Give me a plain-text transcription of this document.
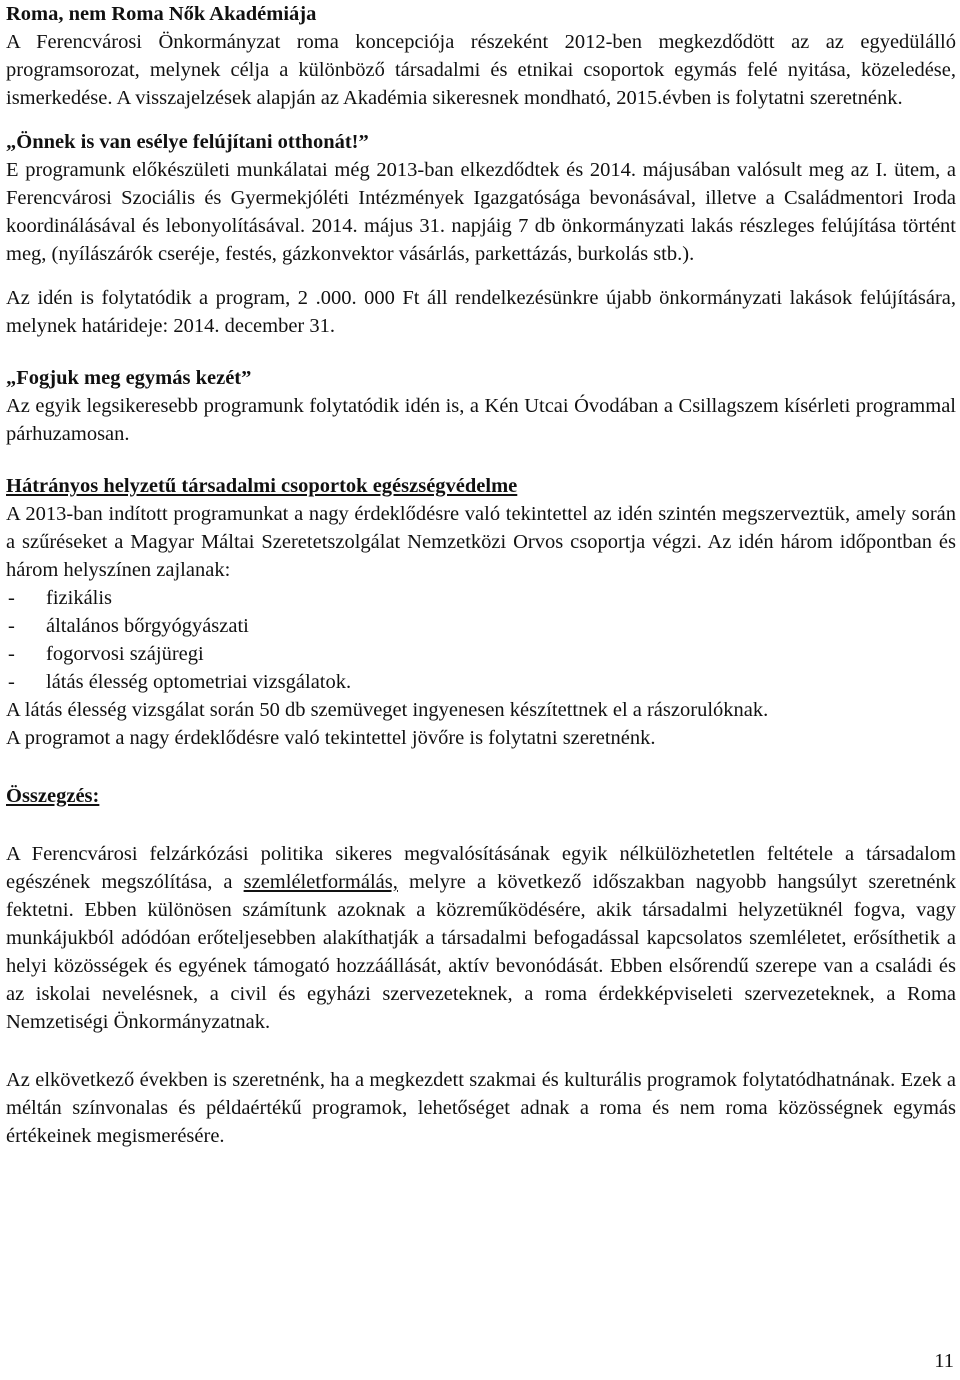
Roma, nem Roma Nők Akadémiája
A Ferencvárosi Önkormányzat roma koncepciója részeként 2012-ben megkezdődött az az egyedülálló programsorozat, melynek célja a különböző társadalmi és etnikai csoportok egymás felé nyitása, közeledése, ismerkedése. A visszajelzések alapján az Akadémia sikeresnek mondható, 2015.évben is folytatni szeretnénk.
„Önnek is van esélye felújítani otthonát!”
E programunk előkészületi munkálatai még 2013-ban elkezdődtek és 2014. májusában valósult meg az I. ütem, a Ferencvárosi Szociális és Gyermekjóléti Intézmények Igazgatósága bevonásával, illetve a Családmentori Iroda koordinálásával és lebonyolításával. 2014. május 31. napjáig 7 db önkormányzati lakás részleges felújítása történt meg, (nyílászárók cseréje, festés, gázkonvektor vásárlás, parkettázás, burkolás stb.).
Az idén is folytatódik a program, 2 .000. 000 Ft áll rendelkezésünkre újabb önkormányzati lakások felújítására, melynek határideje: 2014. december 31.
„Fogjuk meg egymás kezét”
Az egyik legsikeresebb programunk folytatódik idén is, a Kén Utcai Óvodában a Csillagszem kísérleti programmal párhuzamosan.
Hátrányos helyzetű társadalmi csoportok egészségvédelme
A 2013-ban indított programunkat a nagy érdeklődésre való tekintettel az idén szintén megszerveztük, amely során a szűréseket a Magyar Máltai Szeretetszolgálat Nemzetközi Orvos csoportja végzi. Az idén három időpontban és három helyszínen zajlanak:
-	fizikális
-	általános bőrgyógyászati
-	fogorvosi szájüregi
-	látás élesség optometriai vizsgálatok.
A látás élesség vizsgálat során 50 db szemüveget ingyenesen készítettnek el a rászorulóknak.
A programot a nagy érdeklődésre való tekintettel jövőre is folytatni szeretnénk.
Összegzés:
A Ferencvárosi felzárkózási politika sikeres megvalósításának egyik nélkülözhetetlen feltétele a társadalom egészének megszólítása, a szemléletformálás, melyre a következő időszakban nagyobb hangsúlyt szeretnénk fektetni. Ebben különösen számítunk azoknak a közreműködésére, akik társadalmi helyzetüknél fogva, vagy munkájukból adódóan erőteljesebben alakíthatják a társadalmi befogadással kapcsolatos szemléletet, erősíthetik a helyi közösségek és egyének támogató hozzáállását, aktív bevonódását. Ebben elsőrendű szerepe van a családi és az iskolai nevelésnek, a civil és egyházi szervezeteknek, a roma érdekképviseleti szervezeteknek, a Roma Nemzetiségi Önkormányzatnak.
Az elkövetkező években is szeretnénk, ha a megkezdett szakmai és kulturális programok folytatódhatnának. Ezek a méltán színvonalas és példaértékű programok, lehetőséget adnak a roma és nem roma közösségnek egymás értékeinek megismerésére.
11
